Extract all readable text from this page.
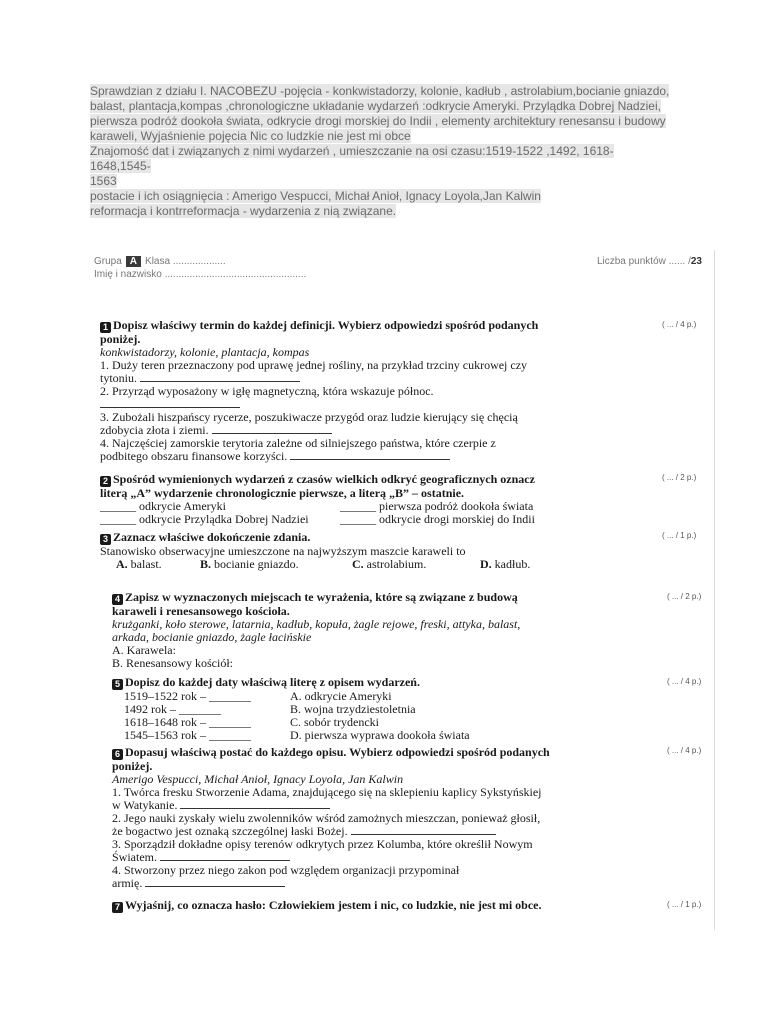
Sprawdzian z działu I. NACOBEZU -pojęcia - konkwistadorzy, kolonie, kadłub , astrolabium,bocianie gniazdo,
balast, plantacja,kompas ,chronologiczne układanie wydarzeń :odkrycie Ameryki. Przylądka Dobrej Nadziei,
pierwsza podróż dookoła świata, odkrycie drogi morskiej do Indii , elementy architektury renesansu i budowy
karaweli, Wyjaśnienie pojęcia Nic co ludzkie nie jest mi obce
Znajomość dat i związanych z nimi wydarzeń , umieszczanie na osi czasu:1519-1522 ,1492, 1618-1648,1545-
1563
postacie i ich osiągnięcia : Amerigo Vespucci, Michał Anioł, Ignacy Loyola,Jan Kalwin
reformacja i kontrreformacja - wydarzenia z nią związane.
Grupa A Klasa ...................
Imię i nazwisko ...................................................
Liczba punktów ...... /23
1 Dopisz właściwy termin do każdej definicji. Wybierz odpowiedzi spośród podanych
poniżej.
konkwistadorzy, kolonie, plantacja, kompas
1. Duży teren przeznaczony pod uprawę jednej rośliny, na przykład trzciny cukrowej czy
tytoniu.
2. Przyrząd wyposażony w igłę magnetyczną, która wskazuje północ.
3. Zubożali hiszpańscy rycerze, poszukiwacze przygód oraz ludzie kierujący się chęcią
zdobycia złota i ziemi.
4. Najczęściej zamorskie terytoria zależne od silniejszego państwa, które czerpie z
podbitego obszaru finansowe korzyści.
( ... / 4 p.)
2 Spośród wymienionych wydarzeń z czasów wielkich odkryć geograficznych oznacz
literą „A” wydarzenie chronologicznie pierwsze, a literą „B” – ostatnie.
______ odkrycie Ameryki	______ pierwsza podróż dookoła świata
______ odkrycie Przylądka Dobrej Nadziei	______ odkrycie drogi morskiej do Indii
( ... / 2 p.)
3 Zaznacz właściwe dokończenie zdania.
Stanowisko obserwacyjne umieszczone na najwyższym maszcie karaweli to
A. balast.	B. bocianie gniazdo.	C. astrolabium.	D. kadłub.
( ... / 1 p.)
4 Zapisz w wyznaczonych miejscach te wyrażenia, które są związane z budową
karaweli i renesansowego kościoła.
krużganki, koło sterowe, latarnia, kadłub, kopuła, żagle rejowe, freski, attyka, balast,
arkada, bocianie gniazdo, żagle łacińskie
A. Karawela:
B. Renesansowy kościół:
( ... / 2 p.)
5 Dopisz do każdej daty właściwą literę z opisem wydarzeń.
1519–1522 rok – _______	A. odkrycie Ameryki
1492 rok – _______	B. wojna trzydziestoletnia
1618–1648 rok – _______	C. sobór trydencki
1545–1563 rok – _______	D. pierwsza wyprawa dookoła świata
( ... / 4 p.)
6 Dopasuj właściwą postać do każdego opisu. Wybierz odpowiedzi spośród podanych
poniżej.
Amerigo Vespucci, Michał Anioł, Ignacy Loyola, Jan Kalwin
1. Twórca fresku Stworzenie Adama, znajdującego się na sklepieniu kaplicy Sykstyńskiej
w Watykanie.
2. Jego nauki zyskały wielu zwolenników wśród zamożnych mieszczan, ponieważ głosił,
że bogactwo jest oznaką szczególnej łaski Bożej.
3. Sporządził dokładne opisy terenów odkrytych przez Kolumba, które określił Nowym
Światem.
4. Stworzony przez niego zakon pod względem organizacji przypominał
armię.
( ... / 4 p.)
7 Wyjaśnij, co oznacza hasło: Człowiekiem jestem i nic, co ludzkie, nie jest mi obce.	( ... / 1 p.)
